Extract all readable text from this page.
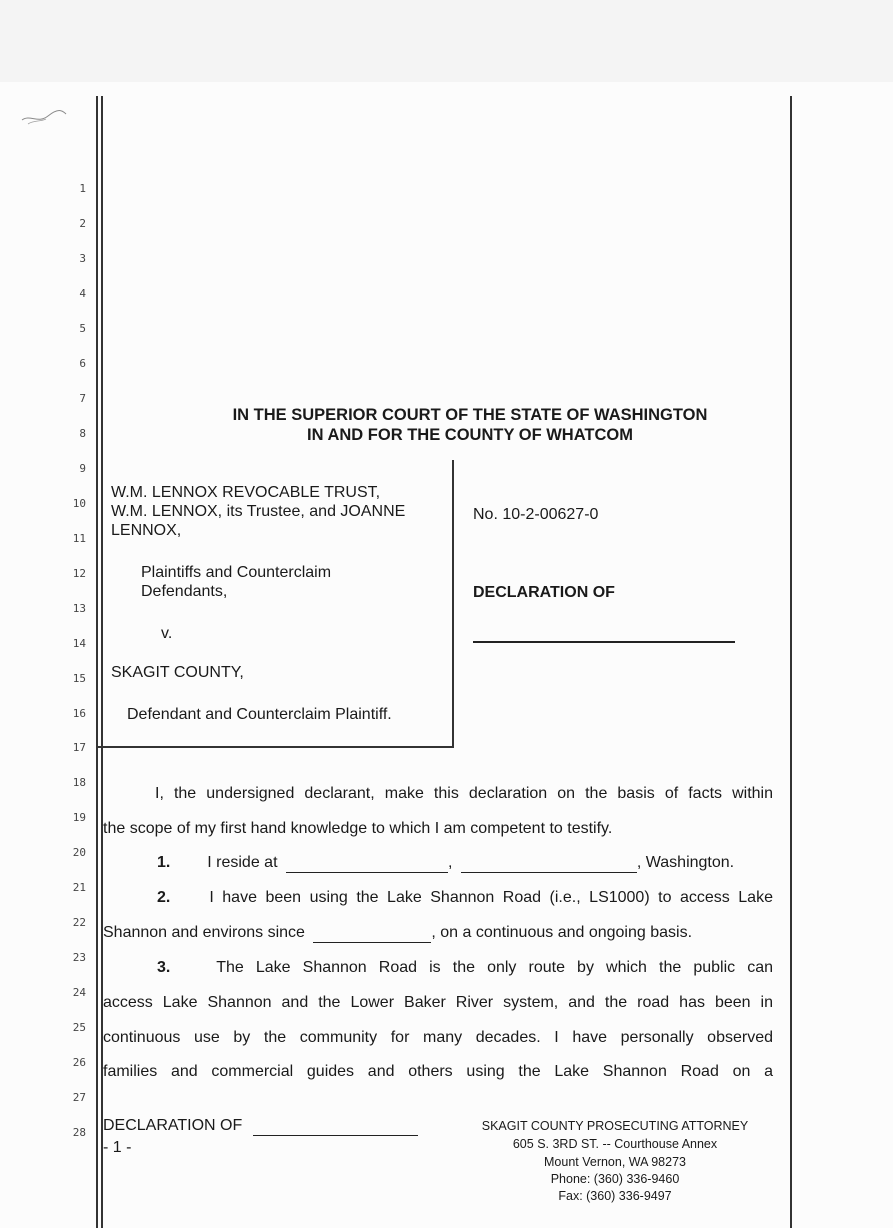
1
2
3
4
5
6
7
8
9
10
11
12
13
14
15
16
17
18
19
20
21
22
23
24
25
26
27
28
IN THE SUPERIOR COURT OF THE STATE OF WASHINGTON
IN AND FOR THE COUNTY OF WHATCOM
W.M. LENNOX REVOCABLE TRUST,
W.M. LENNOX, its Trustee, and JOANNE
LENNOX,
Plaintiffs and Counterclaim
Defendants,
v.
SKAGIT COUNTY,
Defendant and Counterclaim Plaintiff.
No. 10-2-00627-0
DECLARATION OF
I, the undersigned declarant, make this declaration on the basis of facts within
the scope of my first hand knowledge to which I am competent to testify.
1. I reside at	,	, Washington.
2. I have been using the Lake Shannon Road (i.e., LS1000) to access Lake
Shannon and environs since	, on a continuous and ongoing basis.
3.	The Lake Shannon Road is the only route by which the public can
access Lake Shannon and the Lower Baker River system, and the road has been in
continuous use by the community for many decades. I have personally observed
families and commercial guides and others using the Lake Shannon Road on a
DECLARATION OF
- 1 -
SKAGIT COUNTY PROSECUTING ATTORNEY
605 S. 3RD ST. -- Courthouse Annex
Mount Vernon, WA 98273
Phone: (360) 336-9460
Fax: (360) 336-9497
